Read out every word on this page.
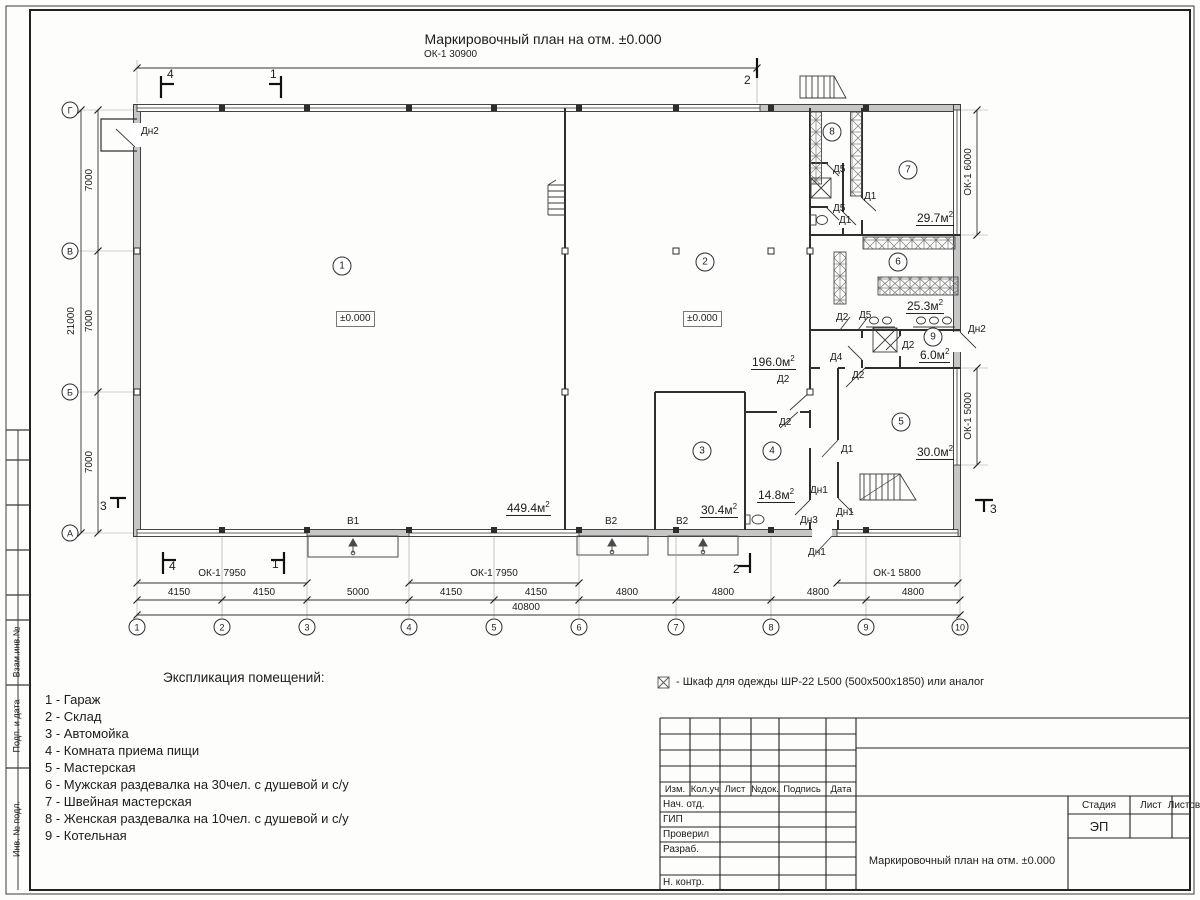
Маркировочный план на отм. ±0.000
ОК-1 30900
4	1	2
4	1	2
3	3
4150	4150	5000	4150	4150	4800	4800	4800	4800
40800
ОК-1 7950	ОК-1 7950	ОК-1 5800
7000
7000
7000
21000
ОК-1 6000
ОК-1 5000
1	2	3	4	5	6	7	8	9	10
Г
В
Б
А
1	2
3	4
5
6
7
8
9
±0.000	±0.000
$449.4м^2$
$196.0м^2$
$30.4м^2$
$14.8м^2$
$30.0м^2$
$25.3м^2$
$29.7м^2$
$6.0м^2$
Дн2
Д5
Д1
Д5
Д1
Д2 Д5
Д2
Д4
Д2
Дн2
Д2
Д2
Д1
Дн1
Дн1
Дн3
Дн1
В1	В2	В2
Экспликация помещений:
1 - Гараж
2 - Склад
3 - Автомойка
4 - Комната приема пищи
5 - Мастерская
6 - Мужская раздевалка на 30чел. с душевой и с/у
7 - Швейная мастерская
8 - Женская раздевалка на 10чел. с душевой и с/у
9 - Котельная
- Шкаф для одежды ШР-22 L500 (500х500х1850) или аналог
Изм. Кол.уч Лист №док. Подпись Дата
Нач. отд.
ГИП
Проверил
Разраб.
Н. контр.
Стадия Лист Листов
ЭП
Маркировочный план на отм. ±0.000
Взам.инв.№
Подп. и дата
Инв. № подл.
